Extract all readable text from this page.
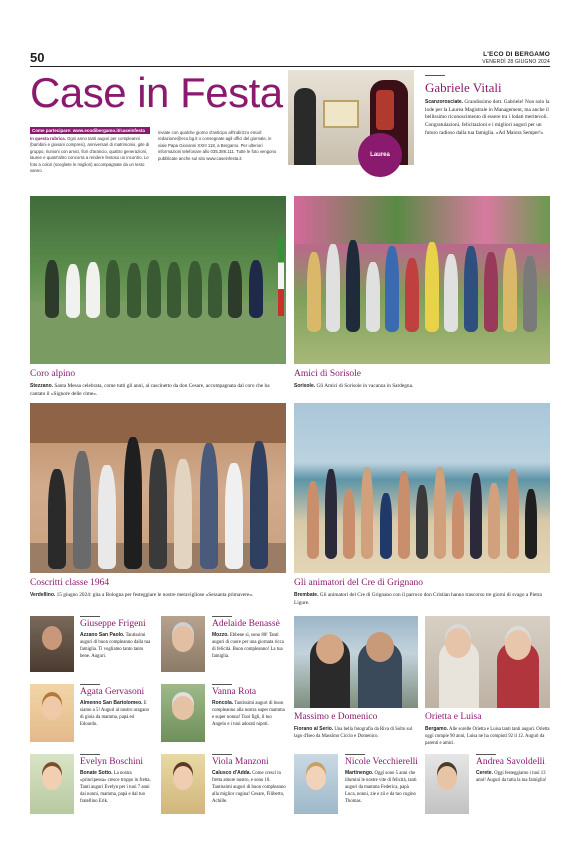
50	L'ECO DI BERGAMO
VENERDÌ 28 GIUGNO 2024
Case in Festa
Come partecipare: www.ecodibergamo.it/caseinfesta
In questa rubrica. Ogni anno tanti auguri per compleanni (bambini e giovani compresi), anniversari di matrimonio, gite di gruppo, riunioni con amici, fiori d'arancio, quattro generazioni, lauree e quant'altro concorra a rendere festoso un incontro. Le foto a colori (scegliete le migliori) accompagnate da un testo vanno
inviate con qualche giorno d'anticipo all'indirizzo email: redazione@eco.bg.it o consegnate agli uffici del giornale, in viale Papa Giovanni XXIII 118, a Bergamo. Per ulteriori informazioni telefonare allo 035.386.111. Tutte le foto vengono pubblicate anche sul sito www.caseinfesta.it
Laurea
Gabriele Vitali
Scanzorosciate. Grandissimo dott. Gabriele! Non solo la lode per la Laurea Magistrale in Management, ma anche il bellissimo riconoscimento di essere tra i lodati meritevoli. Congratulazioni, felicitazioni e i migliori auguri per un futuro radioso dalla tua famiglia. «Ad Maiora Semper!»
Coro alpino
Stezzano. Santa Messa celebrata, come tutti gli anni, al cascinetto da don Cesare, accompagnata dal coro che ha cantato il «Signore delle cime».
Amici di Sorisole
Sorisole. Gli Amici di Sorisole in vacanza in Sardegna.
Coscritti classe 1964
Verdellino. 15 giugno 2024: gita a Bologna per festeggiare le nostre meravigliose «Sessanta primavere».
Gli animatori del Cre di Grignano
Brembate. Gli animatori del Cre di Grignano con il parroco don Cristian hanno trascorso tre giorni di svago a Pietra Ligure.
Giuseppe Frigeni
Azzano San Paolo. Tantissimi auguri di buon compleanno dalla tua famiglia. Ti vogliamo tanto tanto bene. Auguri.
Adelaide Benassè
Mozzo. Ebbene sì, sono 80! Tanti auguri di cuore per una giornata ricca di felicità. Buon compleanno! La tua famiglia.
Agata Gervasoni
Almenno San Bartolomeo. E siamo a 5! Auguri al nostro uragano di gioia da mamma, papà ed Edoardo.
Vanna Rota
Roncola. Tantissimi auguri di buon compleanno alla nostra super mamma e super nonna! Tuoi figli, il tuo Angelo e i tuoi adorati nipoti.
Evelyn Boschini
Bonate Sotto. La nostra «principessa» cresce troppo in fretta. Tanti auguri Evelyn per i tuoi 7 anni dai nonni, mamma, papà e dal tuo fratellino Erik.
Viola Manzoni
Calusco d'Adda. Come cresci in fretta amore nostro, e sono 10. Tantissimi auguri di buon compleanno alla miglior cugina! Cesare, Filiberto, Achille.
Massimo e Domenico
Fiorano al Serio. Una bella fotografia da Riva di Solto sul lago d'Iseo da Massimo Ciccio e Domenico.
Orietta e Luisa
Bergamo. Alle sorelle Orietta e Luisa tanti tanti auguri. Orietta oggi compie 90 anni, Luisa ne ha compiuti 92 il 12. Auguri da parenti e amici.
Nicole Vecchierelli
Martinengo. Oggi sono 5 anni che illumini le nostre vite di felicità, tanti auguri da mamma Federica, papà Luca, nonni, zie e zii e da tuo cugino Thomas.
Andrea Savoldelli
Cerete. Oggi festeggiamo i tuoi 13 anni! Auguri da tutta la tua famiglia!
